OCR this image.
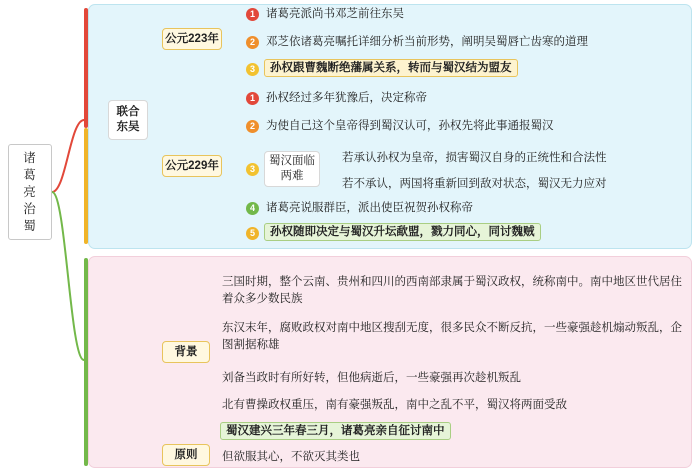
诸
葛
亮
治
蜀
联合
东吴
公元223年
公元229年
1 诸葛亮派尚书邓芝前往东吴
2 邓芝依诸葛亮嘱托详细分析当前形势，阐明吴蜀唇亡齿寒的道理
3	孙权跟曹魏断绝藩属关系，转而与蜀汉结为盟友
1 孙权经过多年犹豫后，决定称帝
2 为使自己这个皇帝得到蜀汉认可，孙权先将此事通报蜀汉
3
蜀汉面临两难
若承认孙权为皇帝，损害蜀汉自身的正统性和合法性
若不承认，两国将重新回到敌对状态，蜀汉无力应对
4 诸葛亮说服群臣，派出使臣祝贺孙权称帝
5	孙权随即决定与蜀汉升坛歃盟，戮力同心，同讨魏贼
背景
原则
三国时期，整个云南、贵州和四川的西南部隶属于蜀汉政权，统称南中。南中地区世代居住着众多少数民族
东汉末年，腐败政权对南中地区搜刮无度，很多民众不断反抗，一些豪强趁机煽动叛乱，企图割据称雄
刘备当政时有所好转，但他病逝后，一些豪强再次趁机叛乱
北有曹操政权重压，南有豪强叛乱，南中之乱不平，蜀汉将两面受敌
蜀汉建兴三年春三月，诸葛亮亲自征讨南中
但欲服其心，不欲灭其类也
